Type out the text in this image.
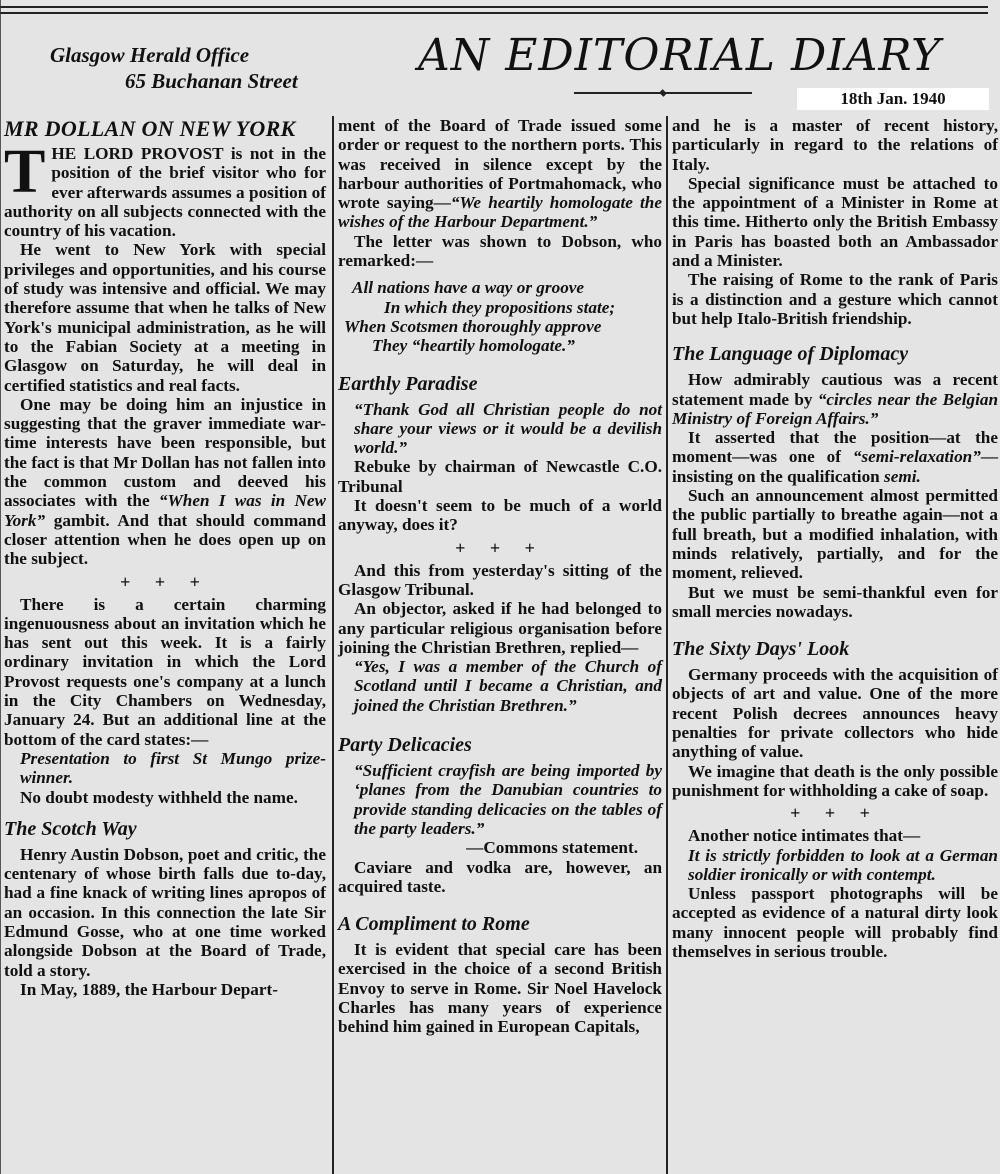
Glasgow Herald Office
65 Buchanan Street	AN EDITORIAL DIARY
18th Jan. 1940
MR DOLLAN ON NEW YORK

THE LORD PROVOST is not in the position of the brief visitor who for ever afterwards assumes a position of authority on all subjects connected with the country of his vacation.

He went to New York with special privileges and opportunities, and his course of study was intensive and official. We may therefore assume that when he talks of New York's municipal administration, as he will to the Fabian Society at a meeting in Glasgow on Saturday, he will deal in certified statistics and real facts.

One may be doing him an injustice in suggesting that the graver immediate war-time interests have been responsible, but the fact is that Mr Dollan has not fallen into the common custom and deeved his associates with the “When I was in New York” gambit. And that should command closer attention when he does open up on the subject.

+ + +

There is a certain charming ingenuousness about an invitation which he has sent out this week. It is a fairly ordinary invitation in which the Lord Provost requests one's company at a lunch in the City Chambers on Wednesday, January 24. But an additional line at the bottom of the card states:—

Presentation to first St Mungo prize-winner.

No doubt modesty withheld the name.

The Scotch Way

Henry Austin Dobson, poet and critic, the centenary of whose birth falls due to-day, had a fine knack of writing lines apropos of an occasion. In this connection the late Sir Edmund Gosse, who at one time worked alongside Dobson at the Board of Trade, told a story.

In May, 1889, the Harbour Depart-

ment of the Board of Trade issued some order or request to the northern ports. This was received in silence except by the harbour authorities of Portmahomack, who wrote saying—“We heartily homologate the wishes of the Harbour Department.”

The letter was shown to Dobson, who remarked:—

All nations have a way or groove
In which they propositions state;
When Scotsmen thoroughly approve
They “heartily homologate.”
Earthly Paradise

“Thank God all Christian people do not share your views or it would be a devilish world.”

Rebuke by chairman of Newcastle C.O. Tribunal

It doesn't seem to be much of a world anyway, does it?

+ + +

And this from yesterday's sitting of the Glasgow Tribunal.

An objector, asked if he had belonged to any particular religious organisation before joining the Christian Brethren, replied—

“Yes, I was a member of the Church of Scotland until I became a Christian, and joined the Christian Brethren.”

Party Delicacies

“Sufficient crayfish are being imported by ‘planes from the Danubian countries to provide standing delicacies on the tables of the party leaders.”

—Commons statement.

Caviare and vodka are, however, an acquired taste.

A Compliment to Rome

It is evident that special care has been exercised in the choice of a second British Envoy to serve in Rome. Sir Noel Havelock Charles has many years of experience behind him gained in European Capitals,

and he is a master of recent history, particularly in regard to the relations of Italy.

Special significance must be attached to the appointment of a Minister in Rome at this time. Hitherto only the British Embassy in Paris has boasted both an Ambassador and a Minister.

The raising of Rome to the rank of Paris is a distinction and a gesture which cannot but help Italo-British friendship.

The Language of Diplomacy

How admirably cautious was a recent statement made by “circles near the Belgian Ministry of Foreign Affairs.”

It asserted that the position—at the moment—was one of “semi-relaxation”—insisting on the qualification semi.

Such an announcement almost permitted the public partially to breathe again—not a full breath, but a modified inhalation, with minds relatively, partially, and for the moment, relieved.

But we must be semi-thankful even for small mercies nowadays.

The Sixty Days' Look

Germany proceeds with the acquisition of objects of art and value. One of the more recent Polish decrees announces heavy penalties for private collectors who hide anything of value.

We imagine that death is the only possible punishment for withholding a cake of soap.

+ + +

Another notice intimates that—

It is strictly forbidden to look at a German soldier ironically or with contempt.

Unless passport photographs will be accepted as evidence of a natural dirty look many innocent people will probably find themselves in serious trouble.
